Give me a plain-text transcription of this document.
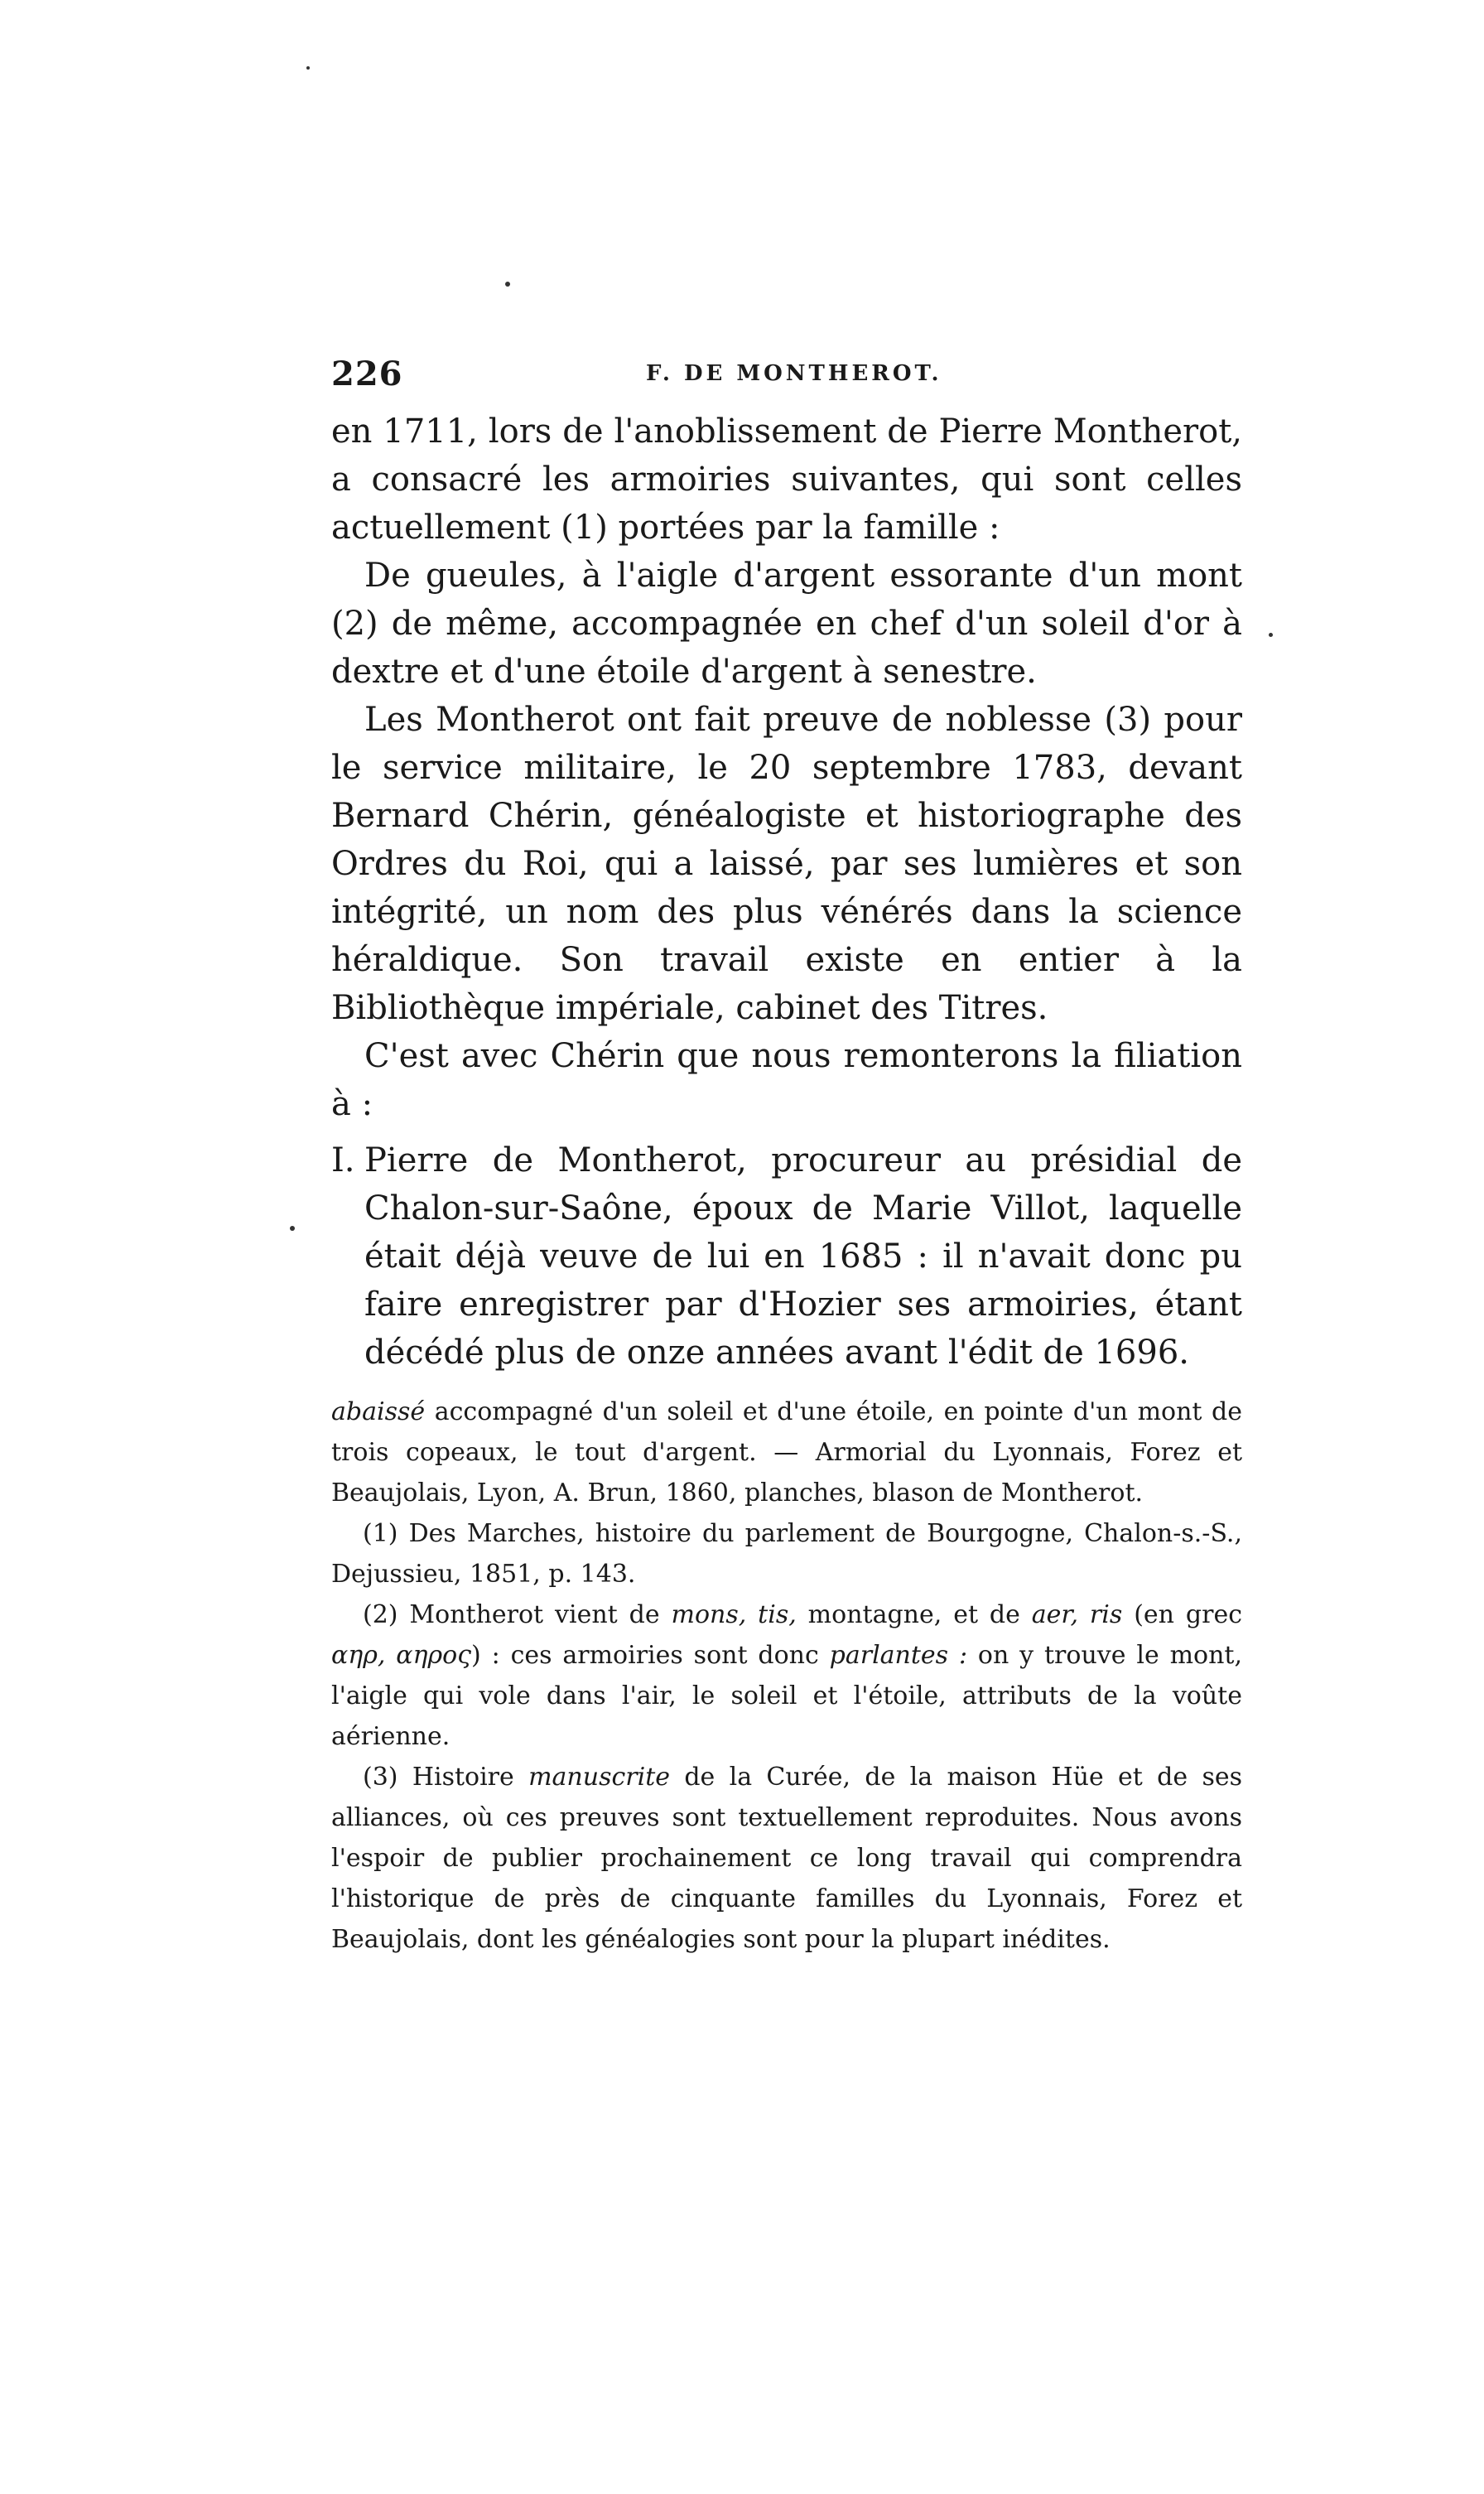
226	F. DE MONTHEROT.

en 1711, lors de l'anoblissement de Pierre Montherot, a consacré les armoiries suivantes, qui sont celles actuellement (1) portées par la famille :

De gueules, à l'aigle d'argent essorante d'un mont (2) de même, accompagnée en chef d'un soleil d'or à dextre et d'une étoile d'argent à senestre.

Les Montherot ont fait preuve de noblesse (3) pour le service militaire, le 20 septembre 1783, devant Bernard Chérin, généalogiste et historiographe des Ordres du Roi, qui a laissé, par ses lumières et son intégrité, un nom des plus vénérés dans la science héraldique. Son travail existe en entier à la Bibliothèque impériale, cabinet des Titres.

C'est avec Chérin que nous remonterons la filiation à :

I. Pierre de Montherot, procureur au présidial de Chalon-sur-Saône, époux de Marie Villot, laquelle était déjà veuve de lui en 1685 : il n'avait donc pu faire enregistrer par d'Hozier ses armoiries, étant décédé plus de onze années avant l'édit de 1696.

abaissé accompagné d'un soleil et d'une étoile, en pointe d'un mont de trois copeaux, le tout d'argent. — Armorial du Lyonnais, Forez et Beaujolais, Lyon, A. Brun, 1860, planches, blason de Montherot.

(1) Des Marches, histoire du parlement de Bourgogne, Chalon-s.-S., Dejussieu, 1851, p. 143.

(2) Montherot vient de mons, tis, montagne, et de aer, ris (en grec αηρ, αηρος) : ces armoiries sont donc parlantes : on y trouve le mont, l'aigle qui vole dans l'air, le soleil et l'étoile, attributs de la voûte aérienne.

(3) Histoire manuscrite de la Curée, de la maison Hüe et de ses alliances, où ces preuves sont textuellement reproduites. Nous avons l'espoir de publier prochainement ce long travail qui comprendra l'historique de près de cinquante familles du Lyonnais, Forez et Beaujolais, dont les généalogies sont pour la plupart inédites.
